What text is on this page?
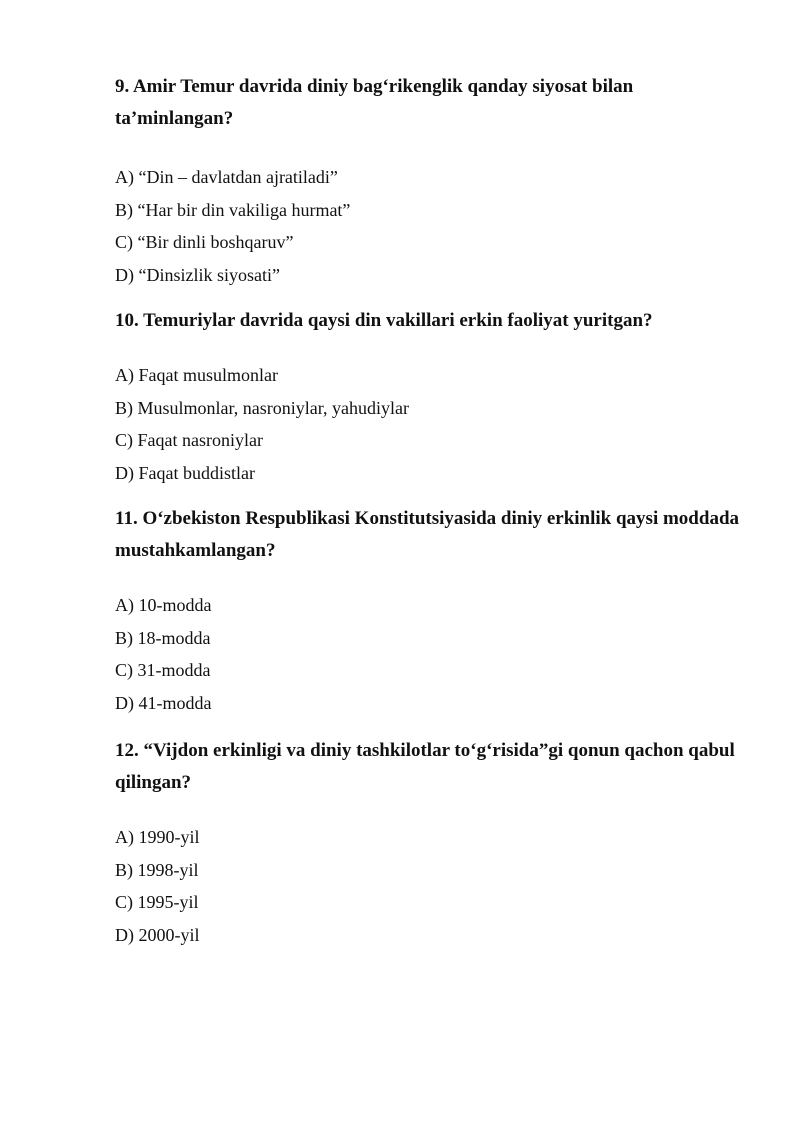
9. Amir Temur davrida diniy bag‘rikenglik qanday siyosat bilan
ta’minlangan?

A) “Din – davlatdan ajratiladi”
B) “Har bir din vakiliga hurmat”
C) “Bir dinli boshqaruv”
D) “Dinsizlik siyosati”

10. Temuriylar davrida qaysi din vakillari erkin faoliyat yuritgan?

A) Faqat musulmonlar
B) Musulmonlar, nasroniylar, yahudiylar
C) Faqat nasroniylar
D) Faqat buddistlar

11. O‘zbekiston Respublikasi Konstitutsiyasida diniy erkinlik qaysi moddada
mustahkamlangan?

A) 10-modda
B) 18-modda
C) 31-modda
D) 41-modda

12. “Vijdon erkinligi va diniy tashkilotlar to‘g‘risida”gi qonun qachon qabul
qilingan?

A) 1990-yil
B) 1998-yil
C) 1995-yil
D) 2000-yil
